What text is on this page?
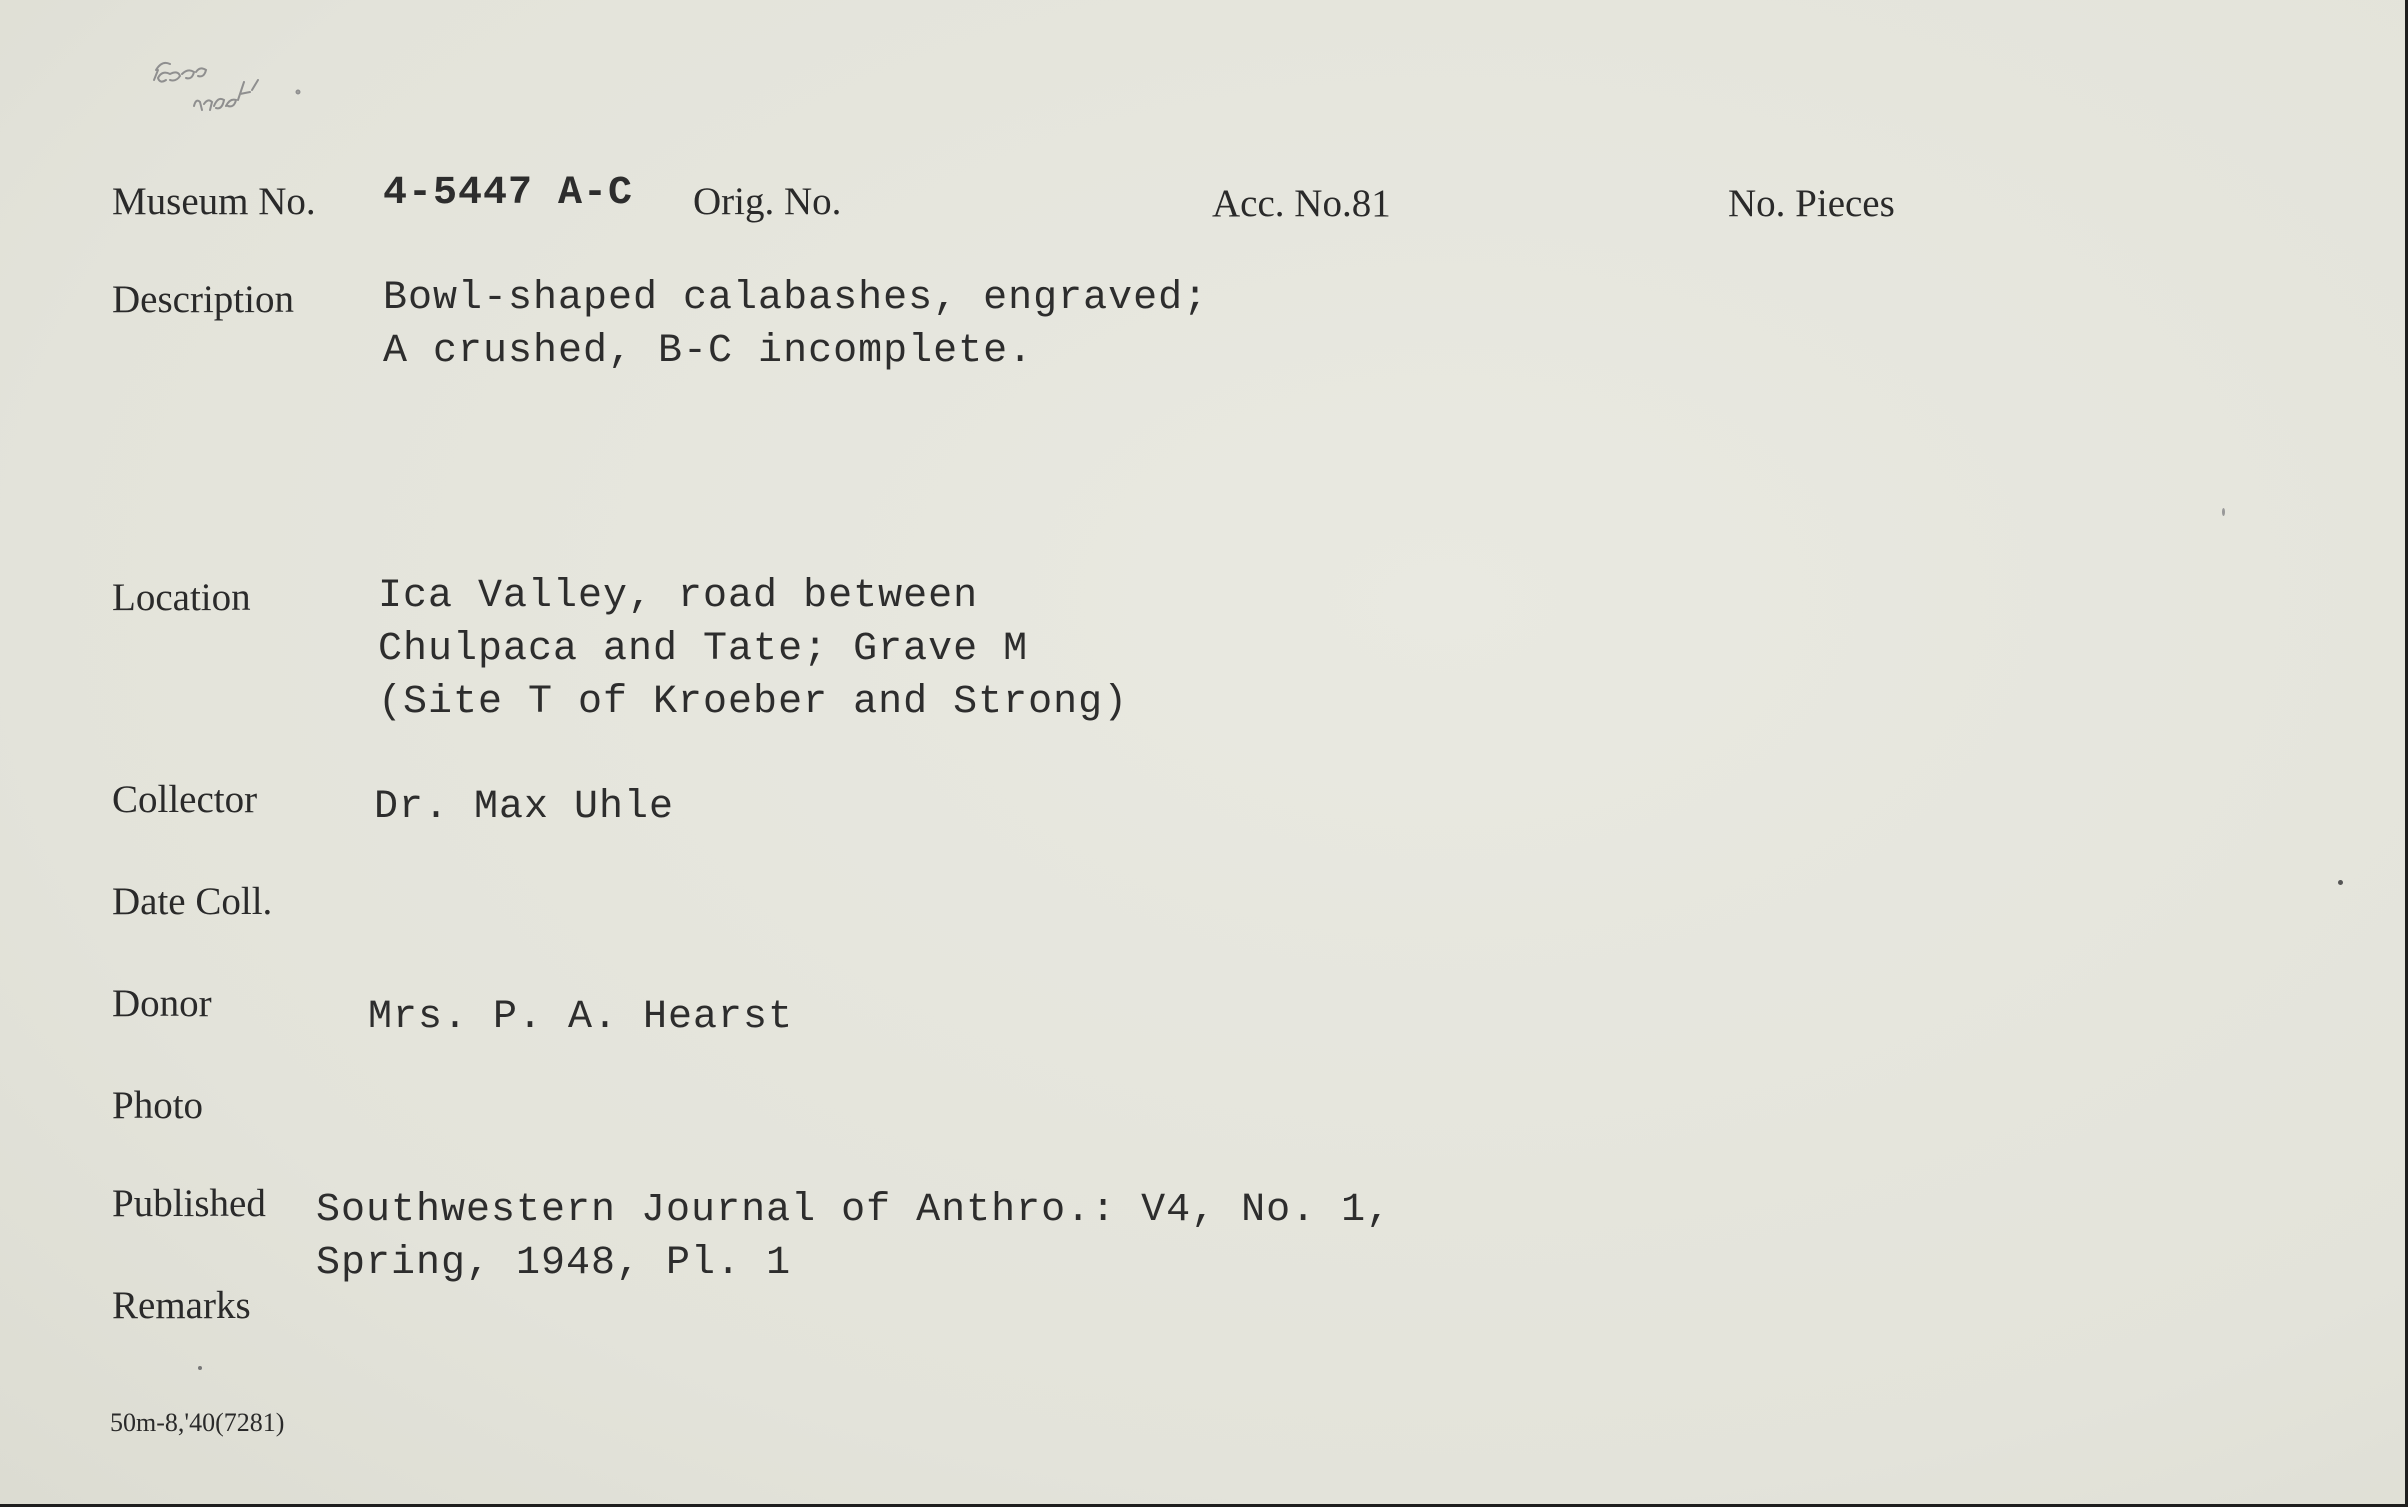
Museum No. 4-5447 A-C Orig. No.	Acc. No.81	No. Pieces
Description Bowl-shaped calabashes, engraved;
A crushed, B-C incomplete.
Location	Ica Valley, road between
Chulpaca and Tate; Grave M
(Site T of Kroeber and Strong)
Collector	Dr. Max Uhle
Date Coll.
Donor	Mrs. P. A. Hearst
Photo
Published Southwestern Journal of Anthro.: V4, No. 1,
Spring, 1948, Pl. 1
Remarks
50m-8,'40(7281)
